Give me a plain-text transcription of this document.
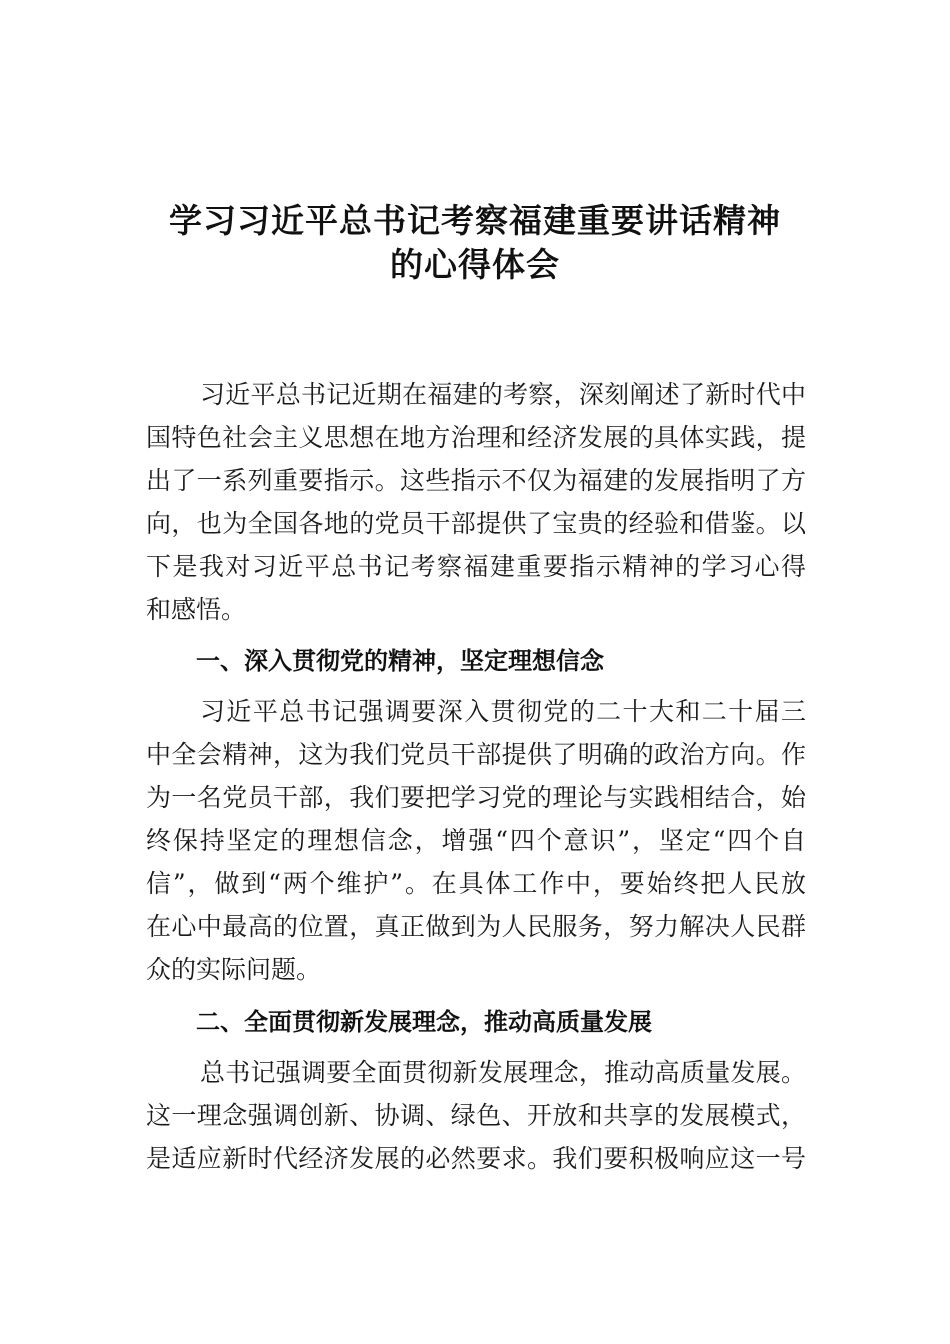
学习习近平总书记考察福建重要讲话精神
的心得体会

习近平总书记近期在福建的考察，深刻阐述了新时代中

国特色社会主义思想在地方治理和经济发展的具体实践，提

出了一系列重要指示。这些指示不仅为福建的发展指明了方

向，也为全国各地的党员干部提供了宝贵的经验和借鉴。以

下是我对习近平总书记考察福建重要指示精神的学习心得

和感悟。

一、深入贯彻党的精神，坚定理想信念

习近平总书记强调要深入贯彻党的二十大和二十届三

中全会精神，这为我们党员干部提供了明确的政治方向。作

为一名党员干部，我们要把学习党的理论与实践相结合，始

终保持坚定的理想信念，增强“四个意识”，坚定“四个自

信”，做到“两个维护”。在具体工作中，要始终把人民放

在心中最高的位置，真正做到为人民服务，努力解决人民群

众的实际问题。

二、全面贯彻新发展理念，推动高质量发展

总书记强调要全面贯彻新发展理念，推动高质量发展。

这一理念强调创新、协调、绿色、开放和共享的发展模式，

是适应新时代经济发展的必然要求。我们要积极响应这一号
